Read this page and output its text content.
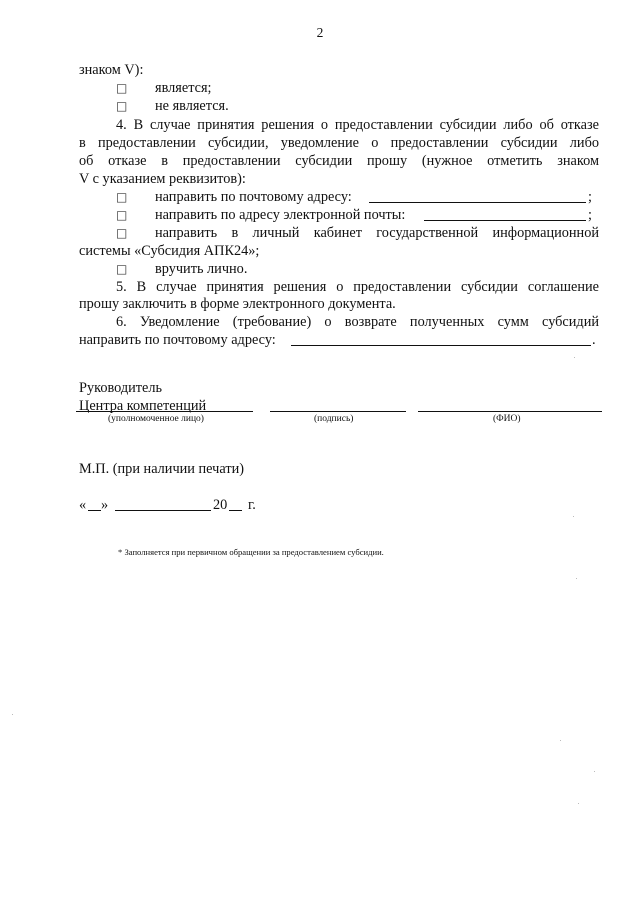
2
знаком V):
□ является;
□ не является.
4. В случае принятия решения о предоставлении субсидии либо об отказе
в предоставлении субсидии, уведомление о предоставлении субсидии либо
об отказе в предоставлении субсидии прошу (нужное отметить знаком
V с указанием реквизитов):
□ направить по почтовому адресу:	;
□ направить по адресу электронной почты:	;
□ направить в личный кабинет государственной информационной
системы «Субсидия АПК24»;
□ вручить лично.
5. В случае принятия решения о предоставлении субсидии соглашение
прошу заключить в форме электронного документа.
6. Уведомление (требование) о возврате полученных сумм субсидий
направить по почтовому адресу:	.
Руководитель
Центра компетенций
(уполномоченное лицо)	(подпись)	(ФИО)
М.П. (при наличии печати)
« »	20 г.
* Заполняется при первичном обращении за предоставлением субсидии.
